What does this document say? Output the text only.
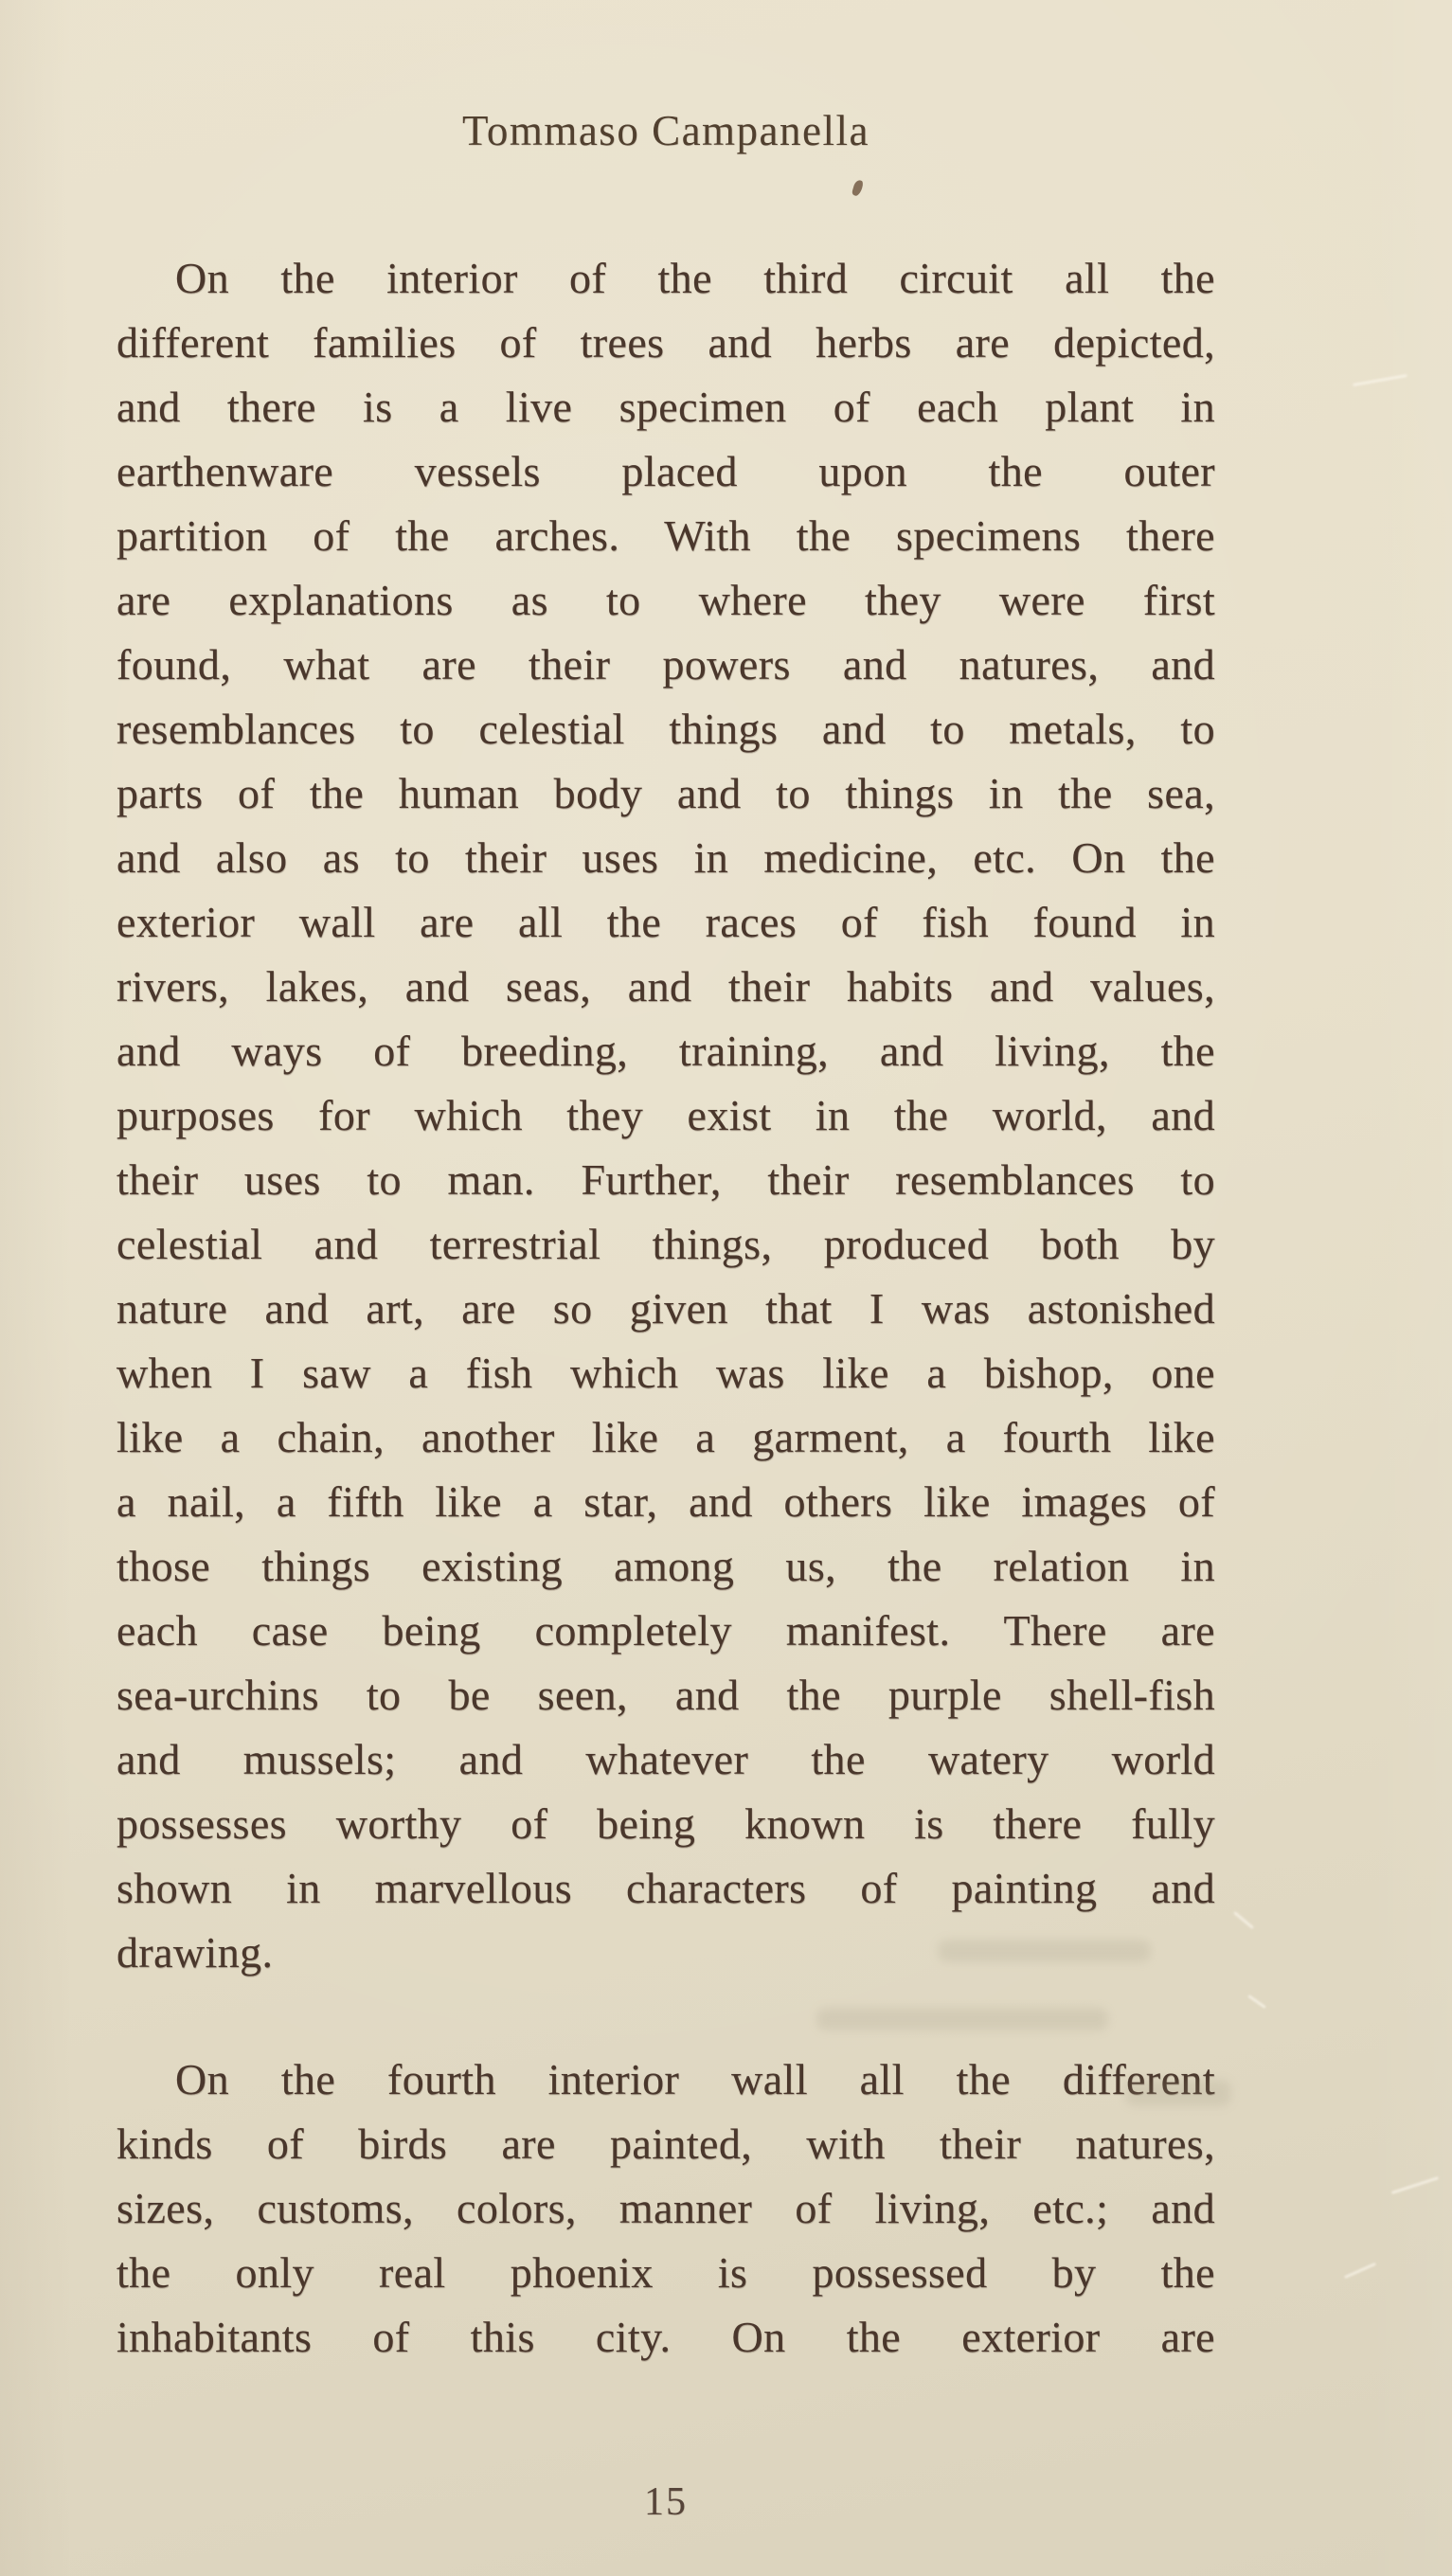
Tommaso Campanella
On the interior of the third circuit all the
different families of trees and herbs are depicted,
and there is a live specimen of each plant in
earthenware vessels placed upon the outer
partition of the arches. With the specimens there
are explanations as to where they were first
found, what are their powers and natures, and
resemblances to celestial things and to metals, to
parts of the human body and to things in the sea,
and also as to their uses in medicine, etc. On the
exterior wall are all the races of fish found in
rivers, lakes, and seas, and their habits and values,
and ways of breeding, training, and living, the
purposes for which they exist in the world, and
their uses to man. Further, their resemblances to
celestial and terrestrial things, produced both by
nature and art, are so given that I was astonished
when I saw a fish which was like a bishop, one
like a chain, another like a garment, a fourth like
a nail, a fifth like a star, and others like images of
those things existing among us, the relation in
each case being completely manifest. There are
sea-urchins to be seen, and the purple shell-fish
and mussels; and whatever the watery world
possesses worthy of being known is there fully
shown in marvellous characters of painting and
drawing.
On the fourth interior wall all the different
kinds of birds are painted, with their natures,
sizes, customs, colors, manner of living, etc.; and
the only real phoenix is possessed by the
inhabitants of this city. On the exterior are
15
